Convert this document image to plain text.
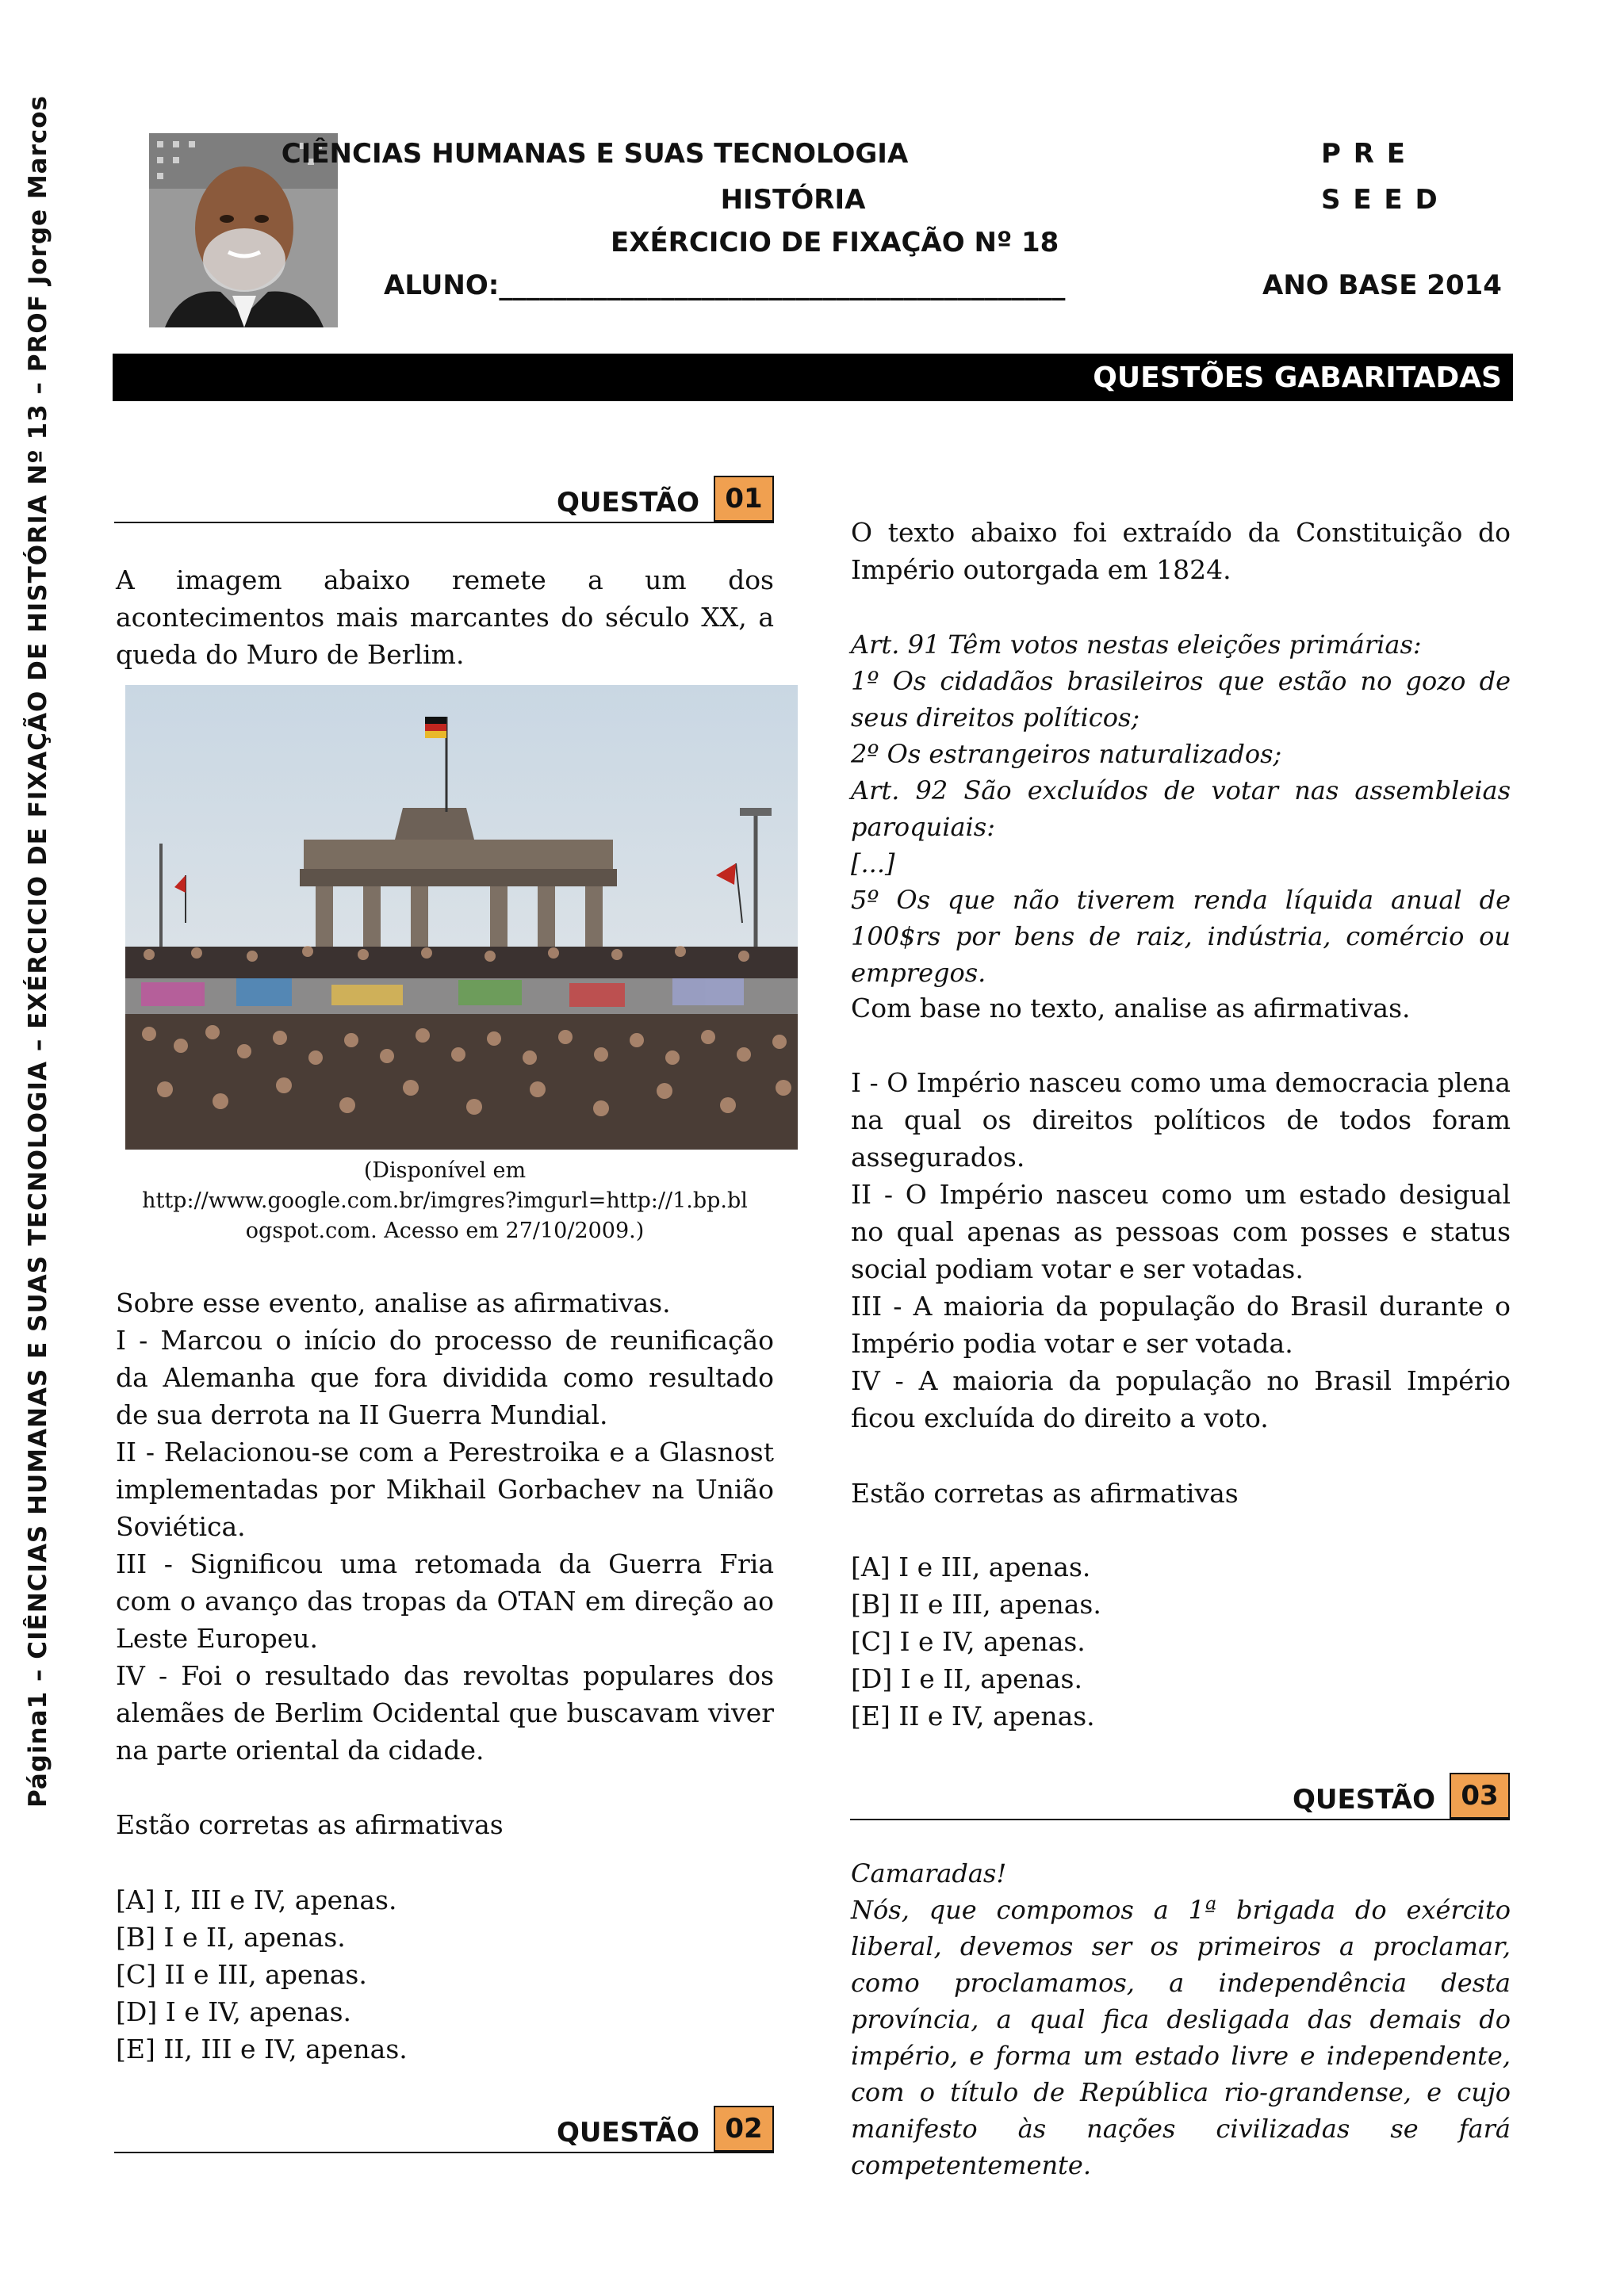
Página1 – CIÊNCIAS HUMANAS E SUAS TECNOLOGIA – EXÉRCICIO DE FIXAÇÃO DE HISTÓRIA Nº 13 – PROF Jorge Marcos	CIÊNCIAS HUMANAS E SUAS TECNOLOGIA
HISTÓRIA
EXÉRCICIO DE FIXAÇÃO Nº 18
ALUNO:__________________________________________
P R E
S E E D
ANO BASE 2014
QUESTÕES GABARITADAS
QUESTÃO 01
A imagem abaixo remete a um dos acontecimentos mais marcantes do século XX, a queda do Muro de Berlim.
(Disponível em
http://www.google.com.br/imgres?imgurl=http://1.bp.bl
ogspot.com. Acesso em 27/10/2009.)

Sobre esse evento, analise as afirmativas.

I - Marcou o início do processo de reunificação da Alemanha que fora dividida como resultado de sua derrota na II Guerra Mundial.

II - Relacionou-se com a Perestroika e a Glasnost implementadas por Mikhail Gorbachev na União Soviética.

III - Significou uma retomada da Guerra Fria com o avanço das tropas da OTAN em direção ao Leste Europeu.

IV - Foi o resultado das revoltas populares dos alemães de Berlim Ocidental que buscavam viver na parte oriental da cidade.

Estão corretas as afirmativas

[A] I, III e IV, apenas.

[B] I e II, apenas.

[C] II e III, apenas.

[D] I e IV, apenas.

[E] II, III e IV, apenas.

QUESTÃO 02
O texto abaixo foi extraído da Constituição do Império outorgada em 1824.

Art. 91 Têm votos nestas eleições primárias:

1º Os cidadãos brasileiros que estão no gozo de seus direitos políticos;

2º Os estrangeiros naturalizados;

Art. 92 São excluídos de votar nas assembleias paroquiais:

[...]

5º Os que não tiverem renda líquida anual de 100$rs por bens de raiz, indústria, comércio ou empregos.

Com base no texto, analise as afirmativas.

I - O Império nasceu como uma democracia plena na qual os direitos políticos de todos foram assegurados.

II - O Império nasceu como um estado desigual no qual apenas as pessoas com posses e status social podiam votar e ser votadas.

III - A maioria da população do Brasil durante o Império podia votar e ser votada.

IV - A maioria da população no Brasil Império ficou excluída do direito a voto.

Estão corretas as afirmativas

[A] I e III, apenas.

[B] II e III, apenas.

[C] I e IV, apenas.

[D] I e II, apenas.

[E] II e IV, apenas.

QUESTÃO 03

Camaradas!

Nós, que compomos a 1ª brigada do exército liberal, devemos ser os primeiros a proclamar, como proclamamos, a independência desta província, a qual fica desligada das demais do império, e forma um estado livre e independente, com o título de República rio-grandense, e cujo manifesto às nações civilizadas se fará competentemente.
